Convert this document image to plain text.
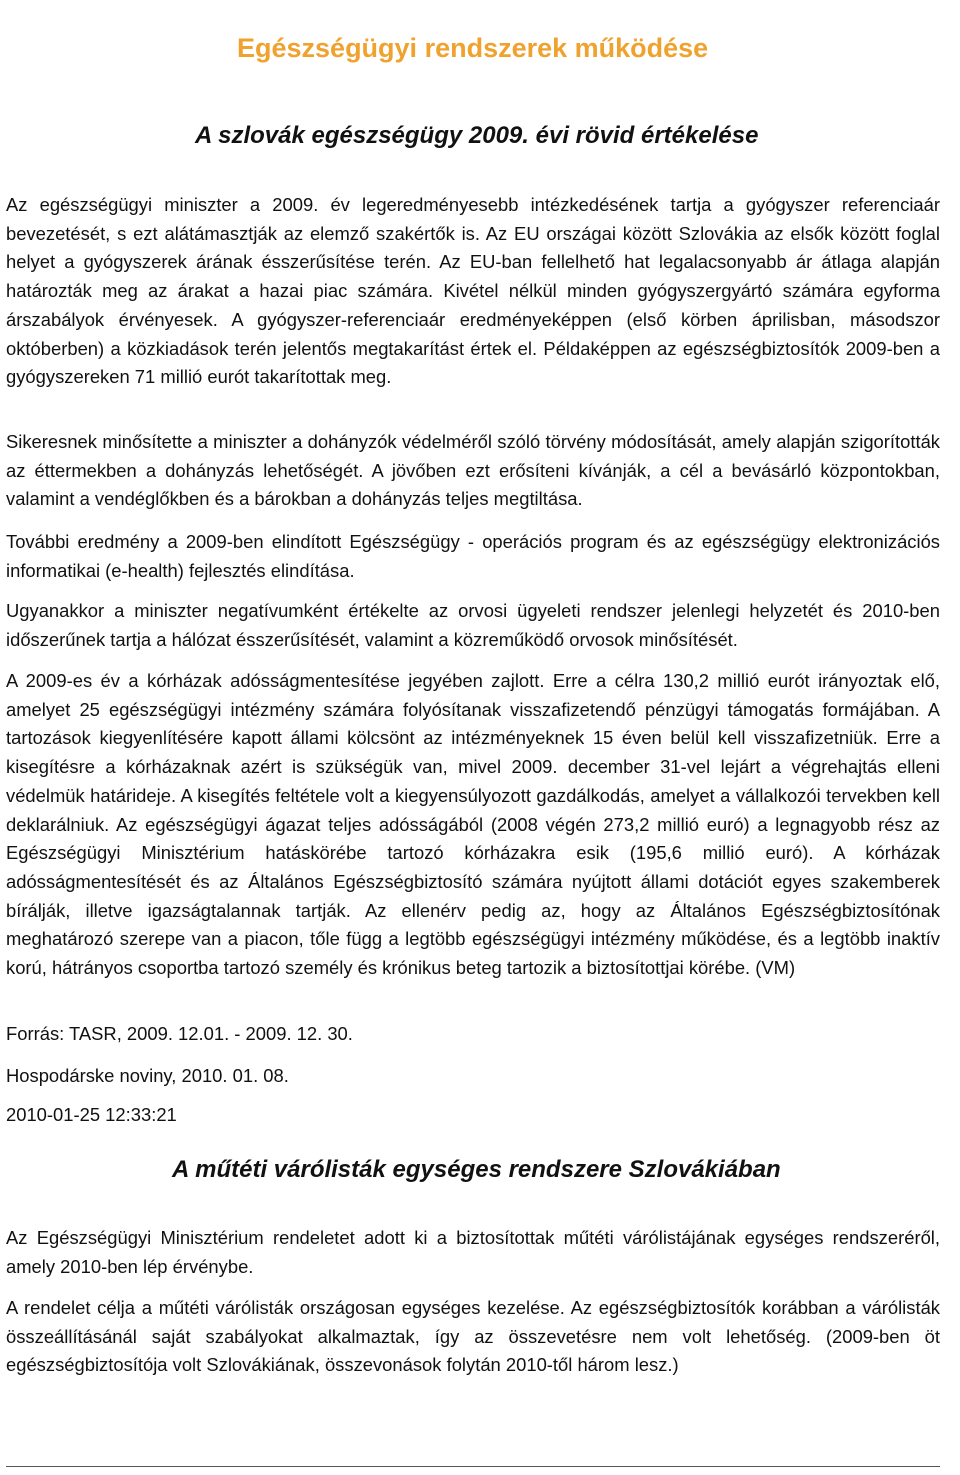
Egészségügyi rendszerek működése
A szlovák egészségügy 2009. évi rövid értékelése

Az egészségügyi miniszter a 2009. év legeredményesebb intézkedésének tartja a gyógyszer referenciaár bevezetését, s ezt alátámasztják az elemző szakértők is. Az EU országai között Szlovákia az elsők között foglal helyet a gyógyszerek árának ésszerűsítése terén. Az EU-ban fellelhető hat legalacsonyabb ár átlaga alapján határozták meg az árakat a hazai piac számára. Kivétel nélkül minden gyógyszergyártó számára egyforma árszabályok érvényesek. A gyógyszer-referenciaár eredményeképpen (első körben áprilisban, másodszor októberben) a közkiadások terén jelentős megtakarítást értek el. Példaképpen az egészségbiztosítók 2009-ben a gyógyszereken 71 millió eurót takarítottak meg.

Sikeresnek minősítette a miniszter a dohányzók védelméről szóló törvény módosítását, amely alapján szigorították az éttermekben a dohányzás lehetőségét. A jövőben ezt erősíteni kívánják, a cél a bevásárló központokban, valamint a vendéglőkben és a bárokban a dohányzás teljes megtiltása.

További eredmény a 2009-ben elindított Egészségügy - operációs program és az egészségügy elektronizációs informatikai (e-health) fejlesztés elindítása.

Ugyanakkor a miniszter negatívumként értékelte az orvosi ügyeleti rendszer jelenlegi helyzetét és 2010-ben időszerűnek tartja a hálózat ésszerűsítését, valamint a közreműködő orvosok minősítését.

A 2009-es év a kórházak adósságmentesítése jegyében zajlott. Erre a célra 130,2 millió eurót irányoztak elő, amelyet 25 egészségügyi intézmény számára folyósítanak visszafizetendő pénzügyi támogatás formájában. A tartozások kiegyenlítésére kapott állami kölcsönt az intézményeknek 15 éven belül kell visszafizetniük. Erre a kisegítésre a kórházaknak azért is szükségük van, mivel 2009. december 31-vel lejárt a végrehajtás elleni védelmük határideje. A kisegítés feltétele volt a kiegyensúlyozott gazdálkodás, amelyet a vállalkozói tervekben kell deklarálniuk. Az egészségügyi ágazat teljes adósságából (2008 végén 273,2 millió euró) a legnagyobb rész az Egészségügyi Minisztérium hatáskörébe tartozó kórházakra esik (195,6 millió euró). A kórházak adósságmentesítését és az Általános Egészségbiztosító számára nyújtott állami dotációt egyes szakemberek bírálják, illetve igazságtalannak tartják. Az ellenérv pedig az, hogy az Általános Egészségbiztosítónak meghatározó szerepe van a piacon, tőle függ a legtöbb egészségügyi intézmény működése, és a legtöbb inaktív korú, hátrányos csoportba tartozó személy és krónikus beteg tartozik a biztosítottjai körébe. (VM)

Forrás: TASR, 2009. 12.01. - 2009. 12. 30.

Hospodárske noviny, 2010. 01. 08.

2010-01-25 12:33:21

A műtéti várólisták egységes rendszere Szlovákiában

Az Egészségügyi Minisztérium rendeletet adott ki a biztosítottak műtéti várólistájának egységes rendszeréről, amely 2010-ben lép érvénybe.

A rendelet célja a műtéti várólisták országosan egységes kezelése. Az egészségbiztosítók korábban a várólisták összeállításánál saját szabályokat alkalmaztak, így az összevetésre nem volt lehetőség. (2009-ben öt egészségbiztosítója volt Szlovákiának, összevonások folytán 2010-től három lesz.)
